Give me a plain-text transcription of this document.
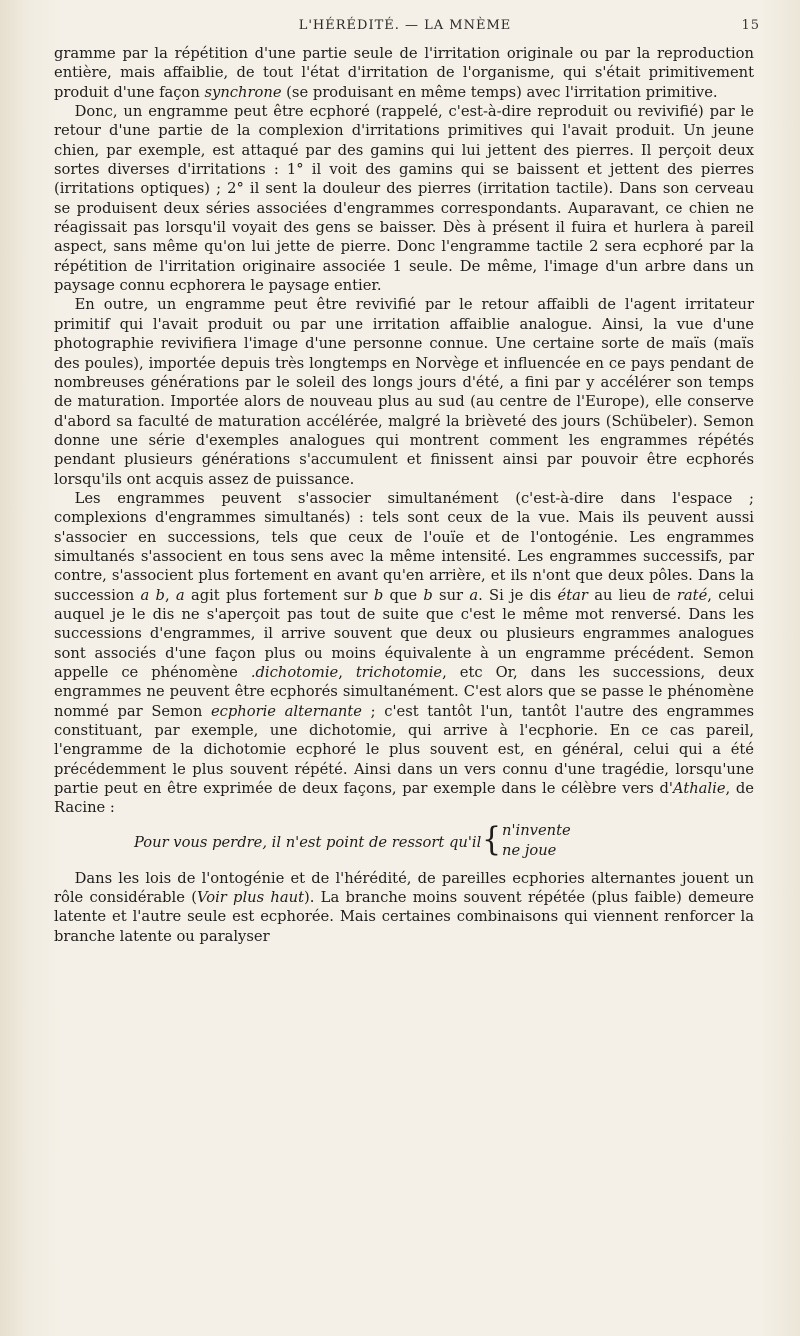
L'HÉRÉDITÉ. — LA MNÈME	15

gramme par la répétition d'une partie seule de l'irritation originale ou par la reproduction entière, mais affaiblie, de tout l'état d'irritation de l'organisme, qui s'était primitivement produit d'une façon synchrone (se produisant en même temps) avec l'irritation primitive.

Donc, un engramme peut être ecphoré (rappelé, c'est-à-dire reproduit ou revivifié) par le retour d'une partie de la complexion d'irritations primitives qui l'avait produit. Un jeune chien, par exemple, est attaqué par des gamins qui lui jettent des pierres. Il perçoit deux sortes diverses d'irritations : 1° il voit des gamins qui se baissent et jettent des pierres (irritations optiques) ; 2° il sent la douleur des pierres (irritation tactile). Dans son cerveau se produisent deux séries associées d'engrammes correspondants. Auparavant, ce chien ne réagissait pas lorsqu'il voyait des gens se baisser. Dès à présent il fuira et hurlera à pareil aspect, sans même qu'on lui jette de pierre. Donc l'engramme tactile 2 sera ecphoré par la répétition de l'irritation originaire associée 1 seule. De même, l'image d'un arbre dans un paysage connu ecphorera le paysage entier.

En outre, un engramme peut être revivifié par le retour affaibli de l'agent irritateur primitif qui l'avait produit ou par une irritation affaiblie analogue. Ainsi, la vue d'une photographie revivifiera l'image d'une personne connue. Une certaine sorte de maïs (maïs des poules), importée depuis très longtemps en Norvège et influencée en ce pays pendant de nombreuses générations par le soleil des longs jours d'été, a fini par y accélérer son temps de maturation. Importée alors de nouveau plus au sud (au centre de l'Europe), elle conserve d'abord sa faculté de maturation accélérée, malgré la brièveté des jours (Schübeler). Semon donne une série d'exemples analogues qui montrent comment les engrammes répétés pendant plusieurs générations s'accumulent et finissent ainsi par pouvoir être ecphorés lorsqu'ils ont acquis assez de puissance.

Les engrammes peuvent s'associer simultanément (c'est-à-dire dans l'espace ; complexions d'engrammes simultanés) : tels sont ceux de la vue. Mais ils peuvent aussi s'associer en successions, tels que ceux de l'ouïe et de l'ontogénie. Les engrammes simultanés s'associent en tous sens avec la même intensité. Les engrammes successifs, par contre, s'associent plus fortement en avant qu'en arrière, et ils n'ont que deux pôles. Dans la succession a b, a agit plus fortement sur b que b sur a. Si je dis étar au lieu de raté, celui auquel je le dis ne s'aperçoit pas tout de suite que c'est le même mot renversé. Dans les successions d'engrammes, il arrive souvent que deux ou plusieurs engrammes analogues sont associés d'une façon plus ou moins équivalente à un engramme précédent. Semon appelle ce phénomène .dichotomie, trichotomie, etc Or, dans les successions, deux engrammes ne peuvent être ecphorés simultanément. C'est alors que se passe le phénomène nommé par Semon ecphorie alternante ; c'est tantôt l'un, tantôt l'autre des engrammes constituant, par exemple, une dichotomie, qui arrive à l'ecphorie. En ce cas pareil, l'engramme de la dichotomie ecphoré le plus souvent est, en général, celui qui a été précédemment le plus souvent répété. Ainsi dans un vers connu d'une tragédie, lorsqu'une partie peut en être exprimée de deux façons, par exemple dans le célèbre vers d'Athalie, de Racine :

Pour vous perdre, il n'est point de ressort qu'il { n'invente
ne joue

Dans les lois de l'ontogénie et de l'hérédité, de pareilles ecphories alternantes jouent un rôle considérable (Voir plus haut). La branche moins souvent répétée (plus faible) demeure latente et l'autre seule est ecphorée. Mais certaines combinaisons qui viennent renforcer la branche latente ou paralyser
